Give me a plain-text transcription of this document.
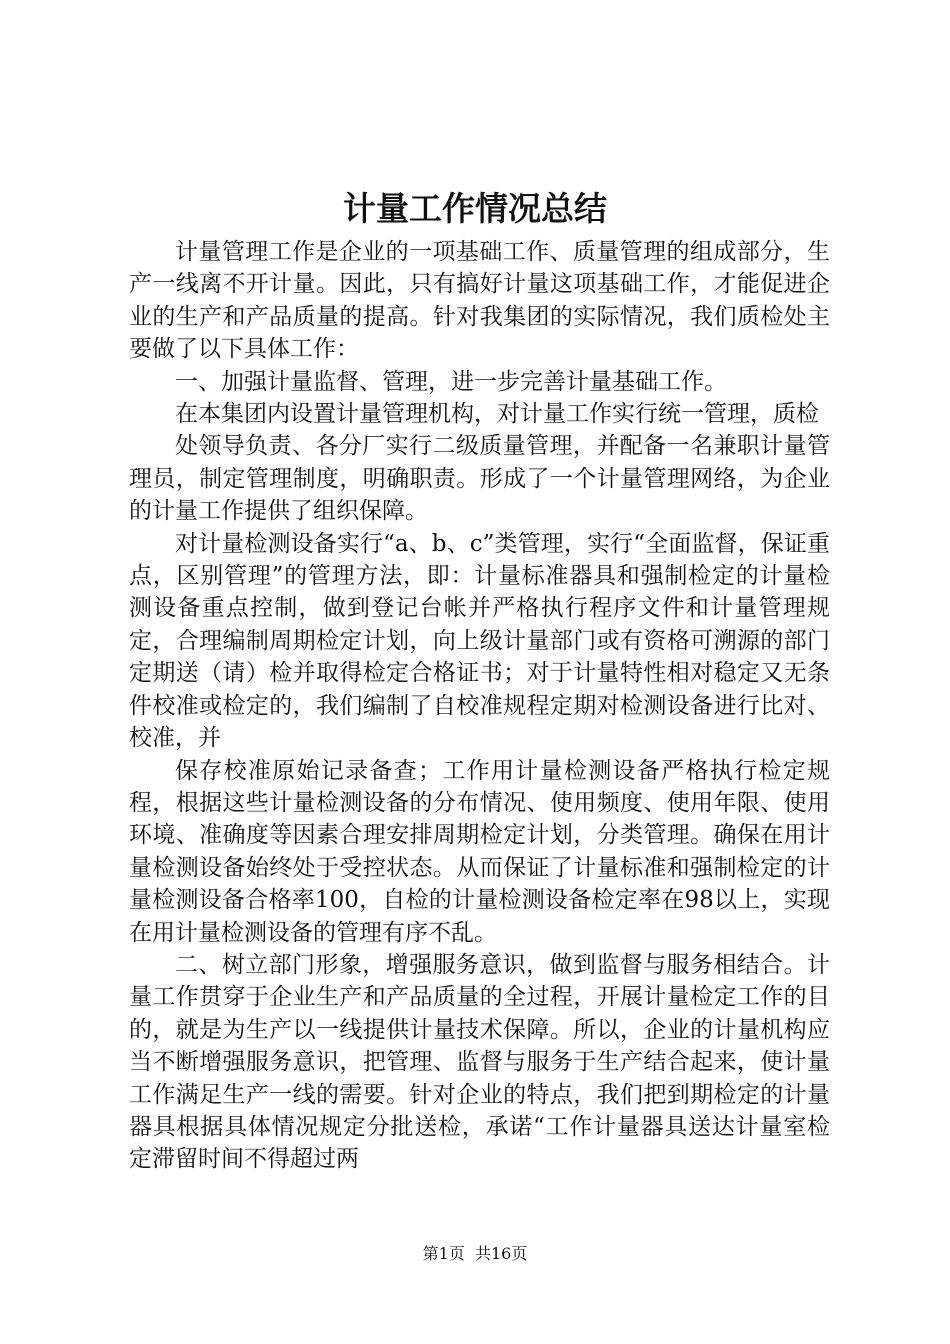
计量工作情况总结

计量管理工作是企业的一项基础工作、质量管理的组成部分，生产一线离不开计量。因此，只有搞好计量这项基础工作，才能促进企业的生产和产品质量的提高。针对我集团的实际情况，我们质检处主要做了以下具体工作：

一、加强计量监督、管理，进一步完善计量基础工作。

在本集团内设置计量管理机构，对计量工作实行统一管理，质检

处领导负责、各分厂实行二级质量管理，并配备一名兼职计量管理员，制定管理制度，明确职责。形成了一个计量管理网络，为企业的计量工作提供了组织保障。

对计量检测设备实行“a、b、c”类管理，实行“全面监督，保证重点，区别管理”的管理方法，即：计量标准器具和强制检定的计量检测设备重点控制，做到登记台帐并严格执行程序文件和计量管理规定，合理编制周期检定计划，向上级计量部门或有资格可溯源的部门定期送（请）检并取得检定合格证书；对于计量特性相对稳定又无条件校准或检定的，我们编制了自校准规程定期对检测设备进行比对、校准，并

保存校准原始记录备查；工作用计量检测设备严格执行检定规程，根据这些计量检测设备的分布情况、使用频度、使用年限、使用环境、准确度等因素合理安排周期检定计划，分类管理。确保在用计量检测设备始终处于受控状态。从而保证了计量标准和强制检定的计量检测设备合格率100，自检的计量检测设备检定率在98以上，实现在用计量检测设备的管理有序不乱。

二、树立部门形象，增强服务意识，做到监督与服务相结合。计量工作贯穿于企业生产和产品质量的全过程，开展计量检定工作的目的，就是为生产以一线提供计量技术保障。所以，企业的计量机构应当不断增强服务意识，把管理、监督与服务于生产结合起来，使计量工作满足生产一线的需要。针对企业的特点，我们把到期检定的计量器具根据具体情况规定分批送检，承诺“工作计量器具送达计量室检定滞留时间不得超过两

第1页  共16页
